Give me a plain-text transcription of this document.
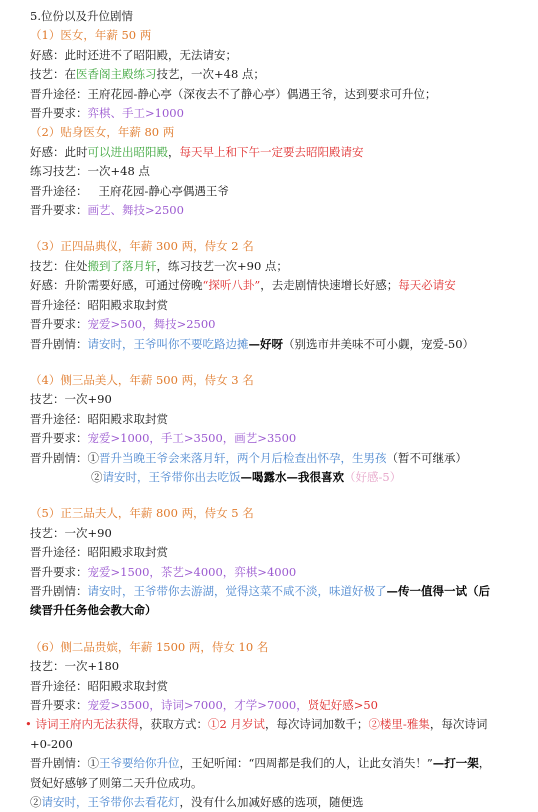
5.位份以及升位剧情
（1）医女，年薪 50 两
好感：此时还进不了昭阳殿，无法请安；
技艺：在医香阁主殿练习技艺，一次+48 点；
晋升途径：王府花园-静心亭（深夜去不了静心亭）偶遇王爷，达到要求可升位；
晋升要求：弈棋、手工>1000
（2）贴身医女，年薪 80 两
好感：此时可以进出昭阳殿，每天早上和下午一定要去昭阳殿请安
练习技艺：一次+48 点
晋升途径：   王府花园-静心亭偶遇王爷
晋升要求：画艺、舞技>2500
（3）正四品典仪，年薪 300 两，侍女 2 名
技艺：住处搬到了落月轩，练习技艺一次+90 点；
好感：升阶需要好感，可通过傍晚“探听八卦”，去走剧情快速增长好感；每天必请安
晋升途径：昭阳殿求取封赏
晋升要求：宠爱>500，舞技>2500
晋升剧情：请安时，王爷叫你不要吃路边摊—好呀（别选市井美味不可小觑，宠爱-50）
（4）侧三品美人，年薪 500 两，侍女 3 名
技艺：一次+90
晋升途径：昭阳殿求取封赏
晋升要求：宠爱>1000，手工>3500，画艺>3500
晋升剧情：①晋升当晚王爷会来落月轩，两个月后检查出怀孕，生男孩（暂不可继承）
②请安时，王爷带你出去吃饭—喝露水—我很喜欢（好感-5）
（5）正三品夫人，年薪 800 两，侍女 5 名
技艺：一次+90
晋升途径：昭阳殿求取封赏
晋升要求：宠爱>1500，茶艺>4000，弈棋>4000
晋升剧情：请安时，王爷带你去游湖，觉得这菜不咸不淡，味道好极了—传一值得一试（后
续晋升任务他会教大命）
（6）侧二品贵嫔，年薪 1500 两，侍女 10 名
技艺：一次+180
晋升途径：昭阳殿求取封赏
晋升要求：宠爱>3500，诗词>7000，才学>7000，贤妃好感>50
• 诗词王府内无法获得，获取方式：①2 月岁试，每次诗词加数千；②楼里-雅集，每次诗词
+0-200
晋升剧情：①王爷要给你升位，王妃听闻：“四周都是我们的人，让此女消失！”—打一架，
贤妃好感够了则第二天升位成功。
②请安时，王爷带你去看花灯，没有什么加减好感的选项，随便选
